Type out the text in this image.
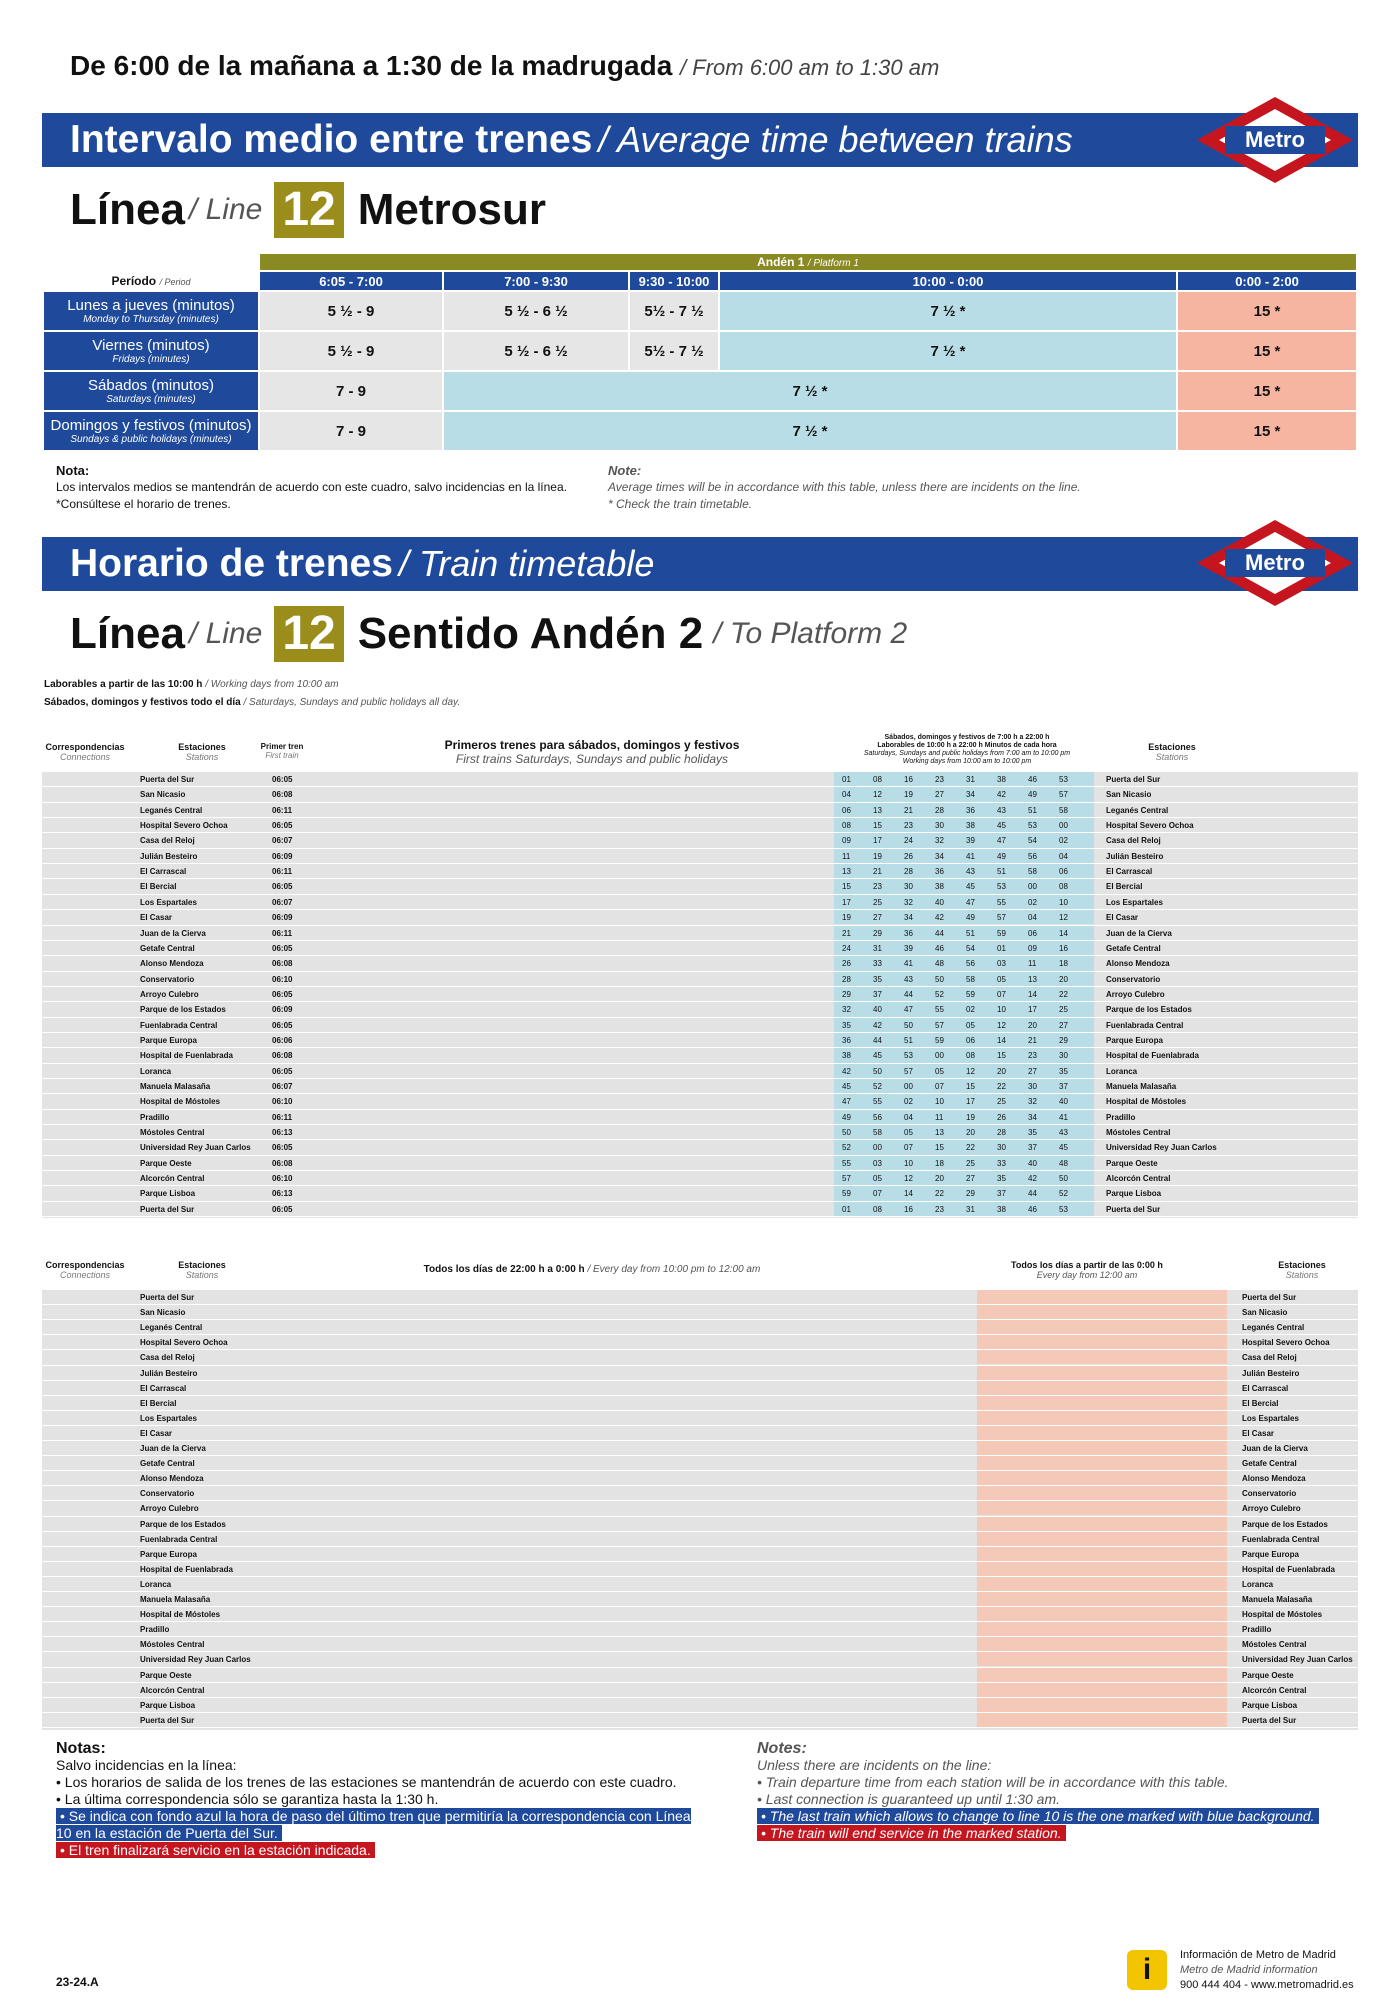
De 6:00 de la mañana a 1:30 de la madrugada / From 6:00 am to 1:30 am
Intervalo medio entre trenes / Average time between trains	Metro
Línea / Line 12 Metrosur
	Andén 1 / Platform 1				
Período / Period	6:05 - 7:00	7:00 - 9:30	9:30 - 10:00	10:00 - 0:00	0:00 - 2:00
Lunes a jueves (minutos)
Monday to Thursday (minutes)	5 ½ - 9	5 ½ - 6 ½	5½ - 7 ½	7 ½ *	15 *
Viernes (minutos)
Fridays (minutes)	5 ½ - 9	5 ½ - 6 ½	5½ - 7 ½	7 ½ *	15 *
Sábados (minutos)
Saturdays (minutes)	7 - 9	7 ½ *			15 *
Domingos y festivos (minutos)
Sundays & public holidays (minutes)	7 - 9	7 ½ *			15 *
Nota:
Los intervalos medios se mantendrán de acuerdo con este cuadro, salvo incidencias en la línea.
*Consúltese el horario de trenes.
Note:
Average times will be in accordance with this table, unless there are incidents on the line.
* Check the train timetable.
Horario de trenes / Train timetable	Metro
Línea / Line 12 Sentido Andén 2 / To Platform 2
Laborables a partir de las 10:00 h / Working days from 10:00 am
Sábados, domingos y festivos todo el día / Saturdays, Sundays and public holidays all day.
Correspondencias
Connections
Estaciones
Stations
Primer tren
First train
Primeros trenes para sábados, domingos y festivos
First trains Saturdays, Sundays and public holidays
Sábados, domingos y festivos de 7:00 h a 22:00 h
Laborables de 10:00 h a 22:00 h Minutos de cada hora
Saturdays, Sundays and public holidays from 7:00 am to 10:00 pm
Working days from 10:00 am to 10:00 pm
Estaciones
Stations
Puerta del Sur	06:05	01	08	16	23	31	38	46	53	Puerta del Sur
San Nicasio	06:08	04	12	19	27	34	42	49	57	San Nicasio
Leganés Central	06:11	06	13	21	28	36	43	51	58	Leganés Central
Hospital Severo Ochoa	06:05	08	15	23	30	38	45	53	00	Hospital Severo Ochoa
Casa del Reloj	06:07	09	17	24	32	39	47	54	02	Casa del Reloj
Julián Besteiro	06:09	11	19	26	34	41	49	56	04	Julián Besteiro
El Carrascal	06:11	13	21	28	36	43	51	58	06	El Carrascal
El Bercial	06:05	15	23	30	38	45	53	00	08	El Bercial
Los Espartales	06:07	17	25	32	40	47	55	02	10	Los Espartales
El Casar	06:09	19	27	34	42	49	57	04	12	El Casar
Juan de la Cierva	06:11	21	29	36	44	51	59	06	14	Juan de la Cierva
Getafe Central	06:05	24	31	39	46	54	01	09	16	Getafe Central
Alonso Mendoza	06:08	26	33	41	48	56	03	11	18	Alonso Mendoza
Conservatorio	06:10	28	35	43	50	58	05	13	20	Conservatorio
Arroyo Culebro	06:05	29	37	44	52	59	07	14	22	Arroyo Culebro
Parque de los Estados	06:09	32	40	47	55	02	10	17	25	Parque de los Estados
Fuenlabrada Central	06:05	35	42	50	57	05	12	20	27	Fuenlabrada Central
Parque Europa	06:06	36	44	51	59	06	14	21	29	Parque Europa
Hospital de Fuenlabrada	06:08	38	45	53	00	08	15	23	30	Hospital de Fuenlabrada
Loranca	06:05	42	50	57	05	12	20	27	35	Loranca
Manuela Malasaña	06:07	45	52	00	07	15	22	30	37	Manuela Malasaña
Hospital de Móstoles	06:10	47	55	02	10	17	25	32	40	Hospital de Móstoles
Pradillo	06:11	49	56	04	11	19	26	34	41	Pradillo
Móstoles Central	06:13	50	58	05	13	20	28	35	43	Móstoles Central
Universidad Rey Juan Carlos	06:05	52	00	07	15	22	30	37	45	Universidad Rey Juan Carlos
Parque Oeste	06:08	55	03	10	18	25	33	40	48	Parque Oeste
Alcorcón Central	06:10	57	05	12	20	27	35	42	50	Alcorcón Central
Parque Lisboa	06:13	59	07	14	22	29	37	44	52	Parque Lisboa
Puerta del Sur	06:05	01	08	16	23	31	38	46	53	Puerta del Sur
Correspondencias
Connections
Estaciones
Stations	Todos los días de 22:00 h a 0:00 h / Every day from 10:00 pm to 12:00 am	Todos los días a partir de las 0:00 h
Every day from 12:00 am
Estaciones
Stations
Puerta del Sur	Puerta del Sur
San Nicasio	San Nicasio
Leganés Central	Leganés Central
Hospital Severo Ochoa	Hospital Severo Ochoa
Casa del Reloj	Casa del Reloj
Julián Besteiro	Julián Besteiro
El Carrascal	El Carrascal
El Bercial	El Bercial
Los Espartales	Los Espartales
El Casar	El Casar
Juan de la Cierva	Juan de la Cierva
Getafe Central	Getafe Central
Alonso Mendoza	Alonso Mendoza
Conservatorio	Conservatorio
Arroyo Culebro	Arroyo Culebro
Parque de los Estados	Parque de los Estados
Fuenlabrada Central	Fuenlabrada Central
Parque Europa	Parque Europa
Hospital de Fuenlabrada	Hospital de Fuenlabrada
Loranca	Loranca
Manuela Malasaña	Manuela Malasaña
Hospital de Móstoles	Hospital de Móstoles
Pradillo	Pradillo
Móstoles Central	Móstoles Central
Universidad Rey Juan Carlos	Universidad Rey Juan Carlos
Parque Oeste	Parque Oeste
Alcorcón Central	Alcorcón Central
Parque Lisboa	Parque Lisboa
Puerta del Sur	Puerta del Sur
Notas:
Salvo incidencias en la línea:
• Los horarios de salida de los trenes de las estaciones se mantendrán de acuerdo con este cuadro.
• La última correspondencia sólo se garantiza hasta la 1:30 h.
• Se indica con fondo azul la hora de paso del último tren que permitiría la correspondencia con Línea 10 en la estación de Puerta del Sur.
• El tren finalizará servicio en la estación indicada.
Notes:
Unless there are incidents on the line:
• Train departure time from each station will be in accordance with this table.
• Last connection is guaranteed up until 1:30 am.
• The last train which allows to change to line 10 is the one marked with blue background.
• The train will end service in the marked station.
23-24.A	i	Información de Metro de Madrid
Metro de Madrid information
900 444 404 - www.metromadrid.es
